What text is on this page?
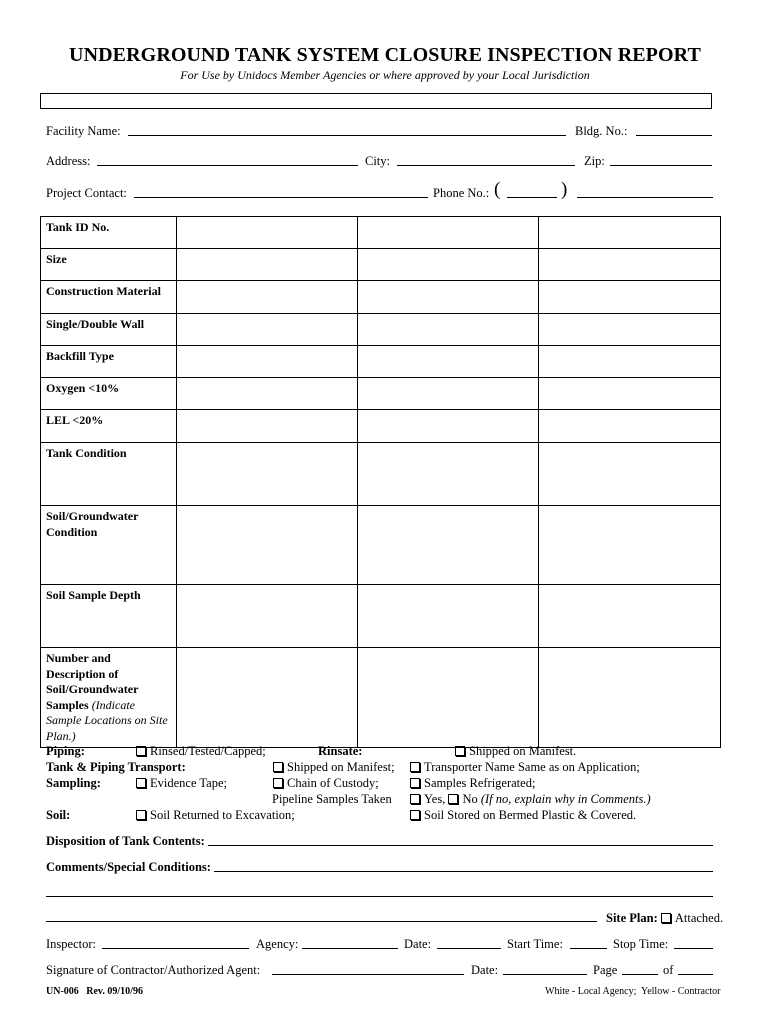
UNDERGROUND TANK SYSTEM CLOSURE INSPECTION REPORT
For Use by Unidocs Member Agencies or where approved by your Local Jurisdiction
Facility Name:	Bldg. No.:
Address:	City:	Zip:
Project Contact:	Phone No.: (	)
Tank ID No.			
Size			
Construction Material			
Single/Double Wall			
Backfill Type			
Oxygen <10%			
LEL <20%			
Tank Condition			
Soil/Groundwater Condition			
Soil Sample Depth			
Number and Description of Soil/Groundwater Samples (Indicate Sample Locations on Site Plan.)			
Piping:	Rinsed/Tested/Capped;	Rinsate:	Shipped on Manifest.
Tank & Piping Transport:	Shipped on Manifest;	Transporter Name Same as on Application;
Sampling:	Evidence Tape;	Chain of Custody;	Samples Refrigerated;
Pipeline Samples Taken	Yes, No (If no, explain why in Comments.)
Soil:	Soil Returned to Excavation;	Soil Stored on Bermed Plastic & Covered.
Disposition of Tank Contents:
Comments/Special Conditions:
Site Plan: Attached.
Inspector:	Agency:	Date:	Start Time:	Stop Time:
Signature of Contractor/Authorized Agent:	Date:	Page	of
UN-006   Rev. 09/10/96	White - Local Agency;  Yellow - Contractor
